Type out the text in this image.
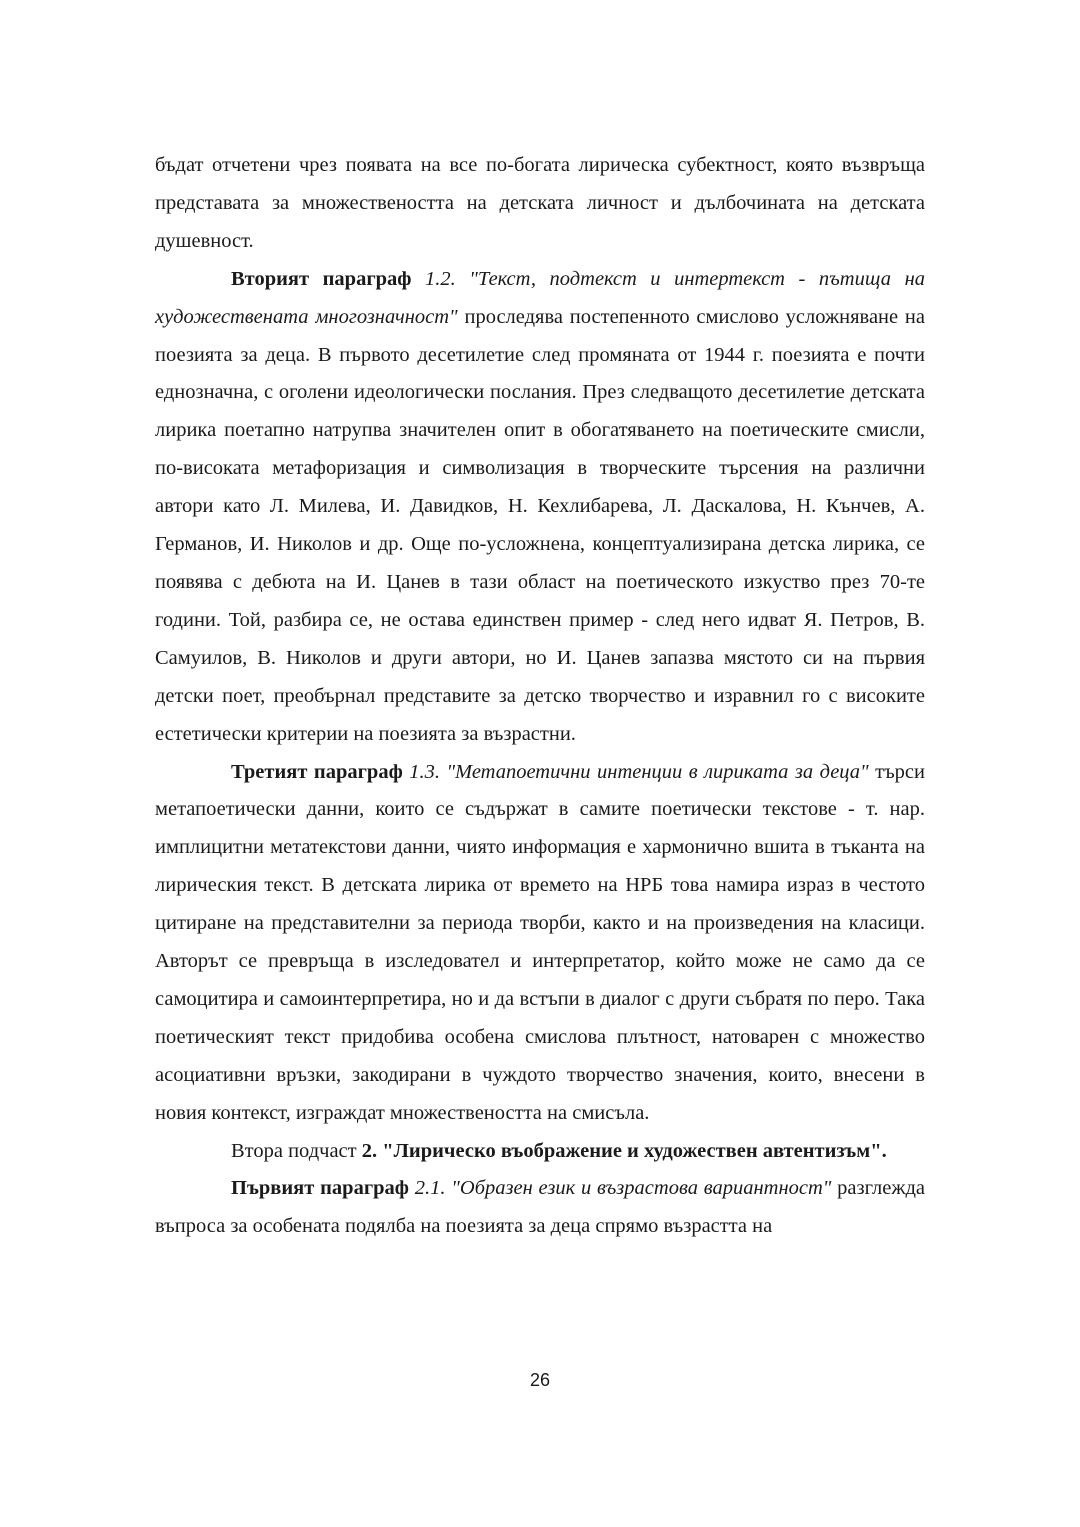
бъдат отчетени чрез появата на все по-богата лирическа субектност, която възвръща представата за множествеността на детската личност и дълбочината на детската душевност.

Вторият параграф 1.2. "Текст, подтекст и интертекст - пътища на художествената многозначност" проследява постепенното смислово усложняване на поезията за деца. В първото десетилетие след промяната от 1944 г. поезията е почти еднозначна, с оголени идеологически послания. През следващото десетилетие детската лирика поетапно натрупва значителен опит в обогатяването на поетическите смисли, по-високата метафоризация и символизация в творческите търсения на различни автори като Л. Милева, И. Давидков, Н. Кехлибарева, Л. Даскалова, Н. Кънчев, А. Германов, И. Николов и др. Още по-усложнена, концептуализирана детска лирика, се появява с дебюта на И. Цанев в тази област на поетическото изкуство през 70-те години. Той, разбира се, не остава единствен пример - след него идват Я. Петров, В. Самуилов, В. Николов и други автори, но И. Цанев запазва мястото си на първия детски поет, преобърнал представите за детско творчество и изравнил го с високите естетически критерии на поезията за възрастни.

Третият параграф 1.3. "Метапоетични интенции в лириката за деца" търси метапоетически данни, които се съдържат в самите поетически текстове - т. нар. имплицитни метатекстови данни, чиято информация е хармонично вшита в тъканта на лирическия текст. В детската лирика от времето на НРБ това намира израз в честото цитиране на представителни за периода творби, както и на произведения на класици. Авторът се превръща в изследовател и интерпретатор, който може не само да се самоцитира и самоинтерпретира, но и да встъпи в диалог с други събратя по перо. Така поетическият текст придобива особена смислова плътност, натоварен с множество асоциативни връзки, закодирани в чуждото творчество значения, които, внесени в новия контекст, изграждат множествеността на смисъла.

Втора подчаст 2. "Лирическо въображение и художествен автентизъм".

Първият параграф 2.1. "Образен език и възрастова вариантност" разглежда въпроса за особената подялба на поезията за деца спрямо възрастта на

26
